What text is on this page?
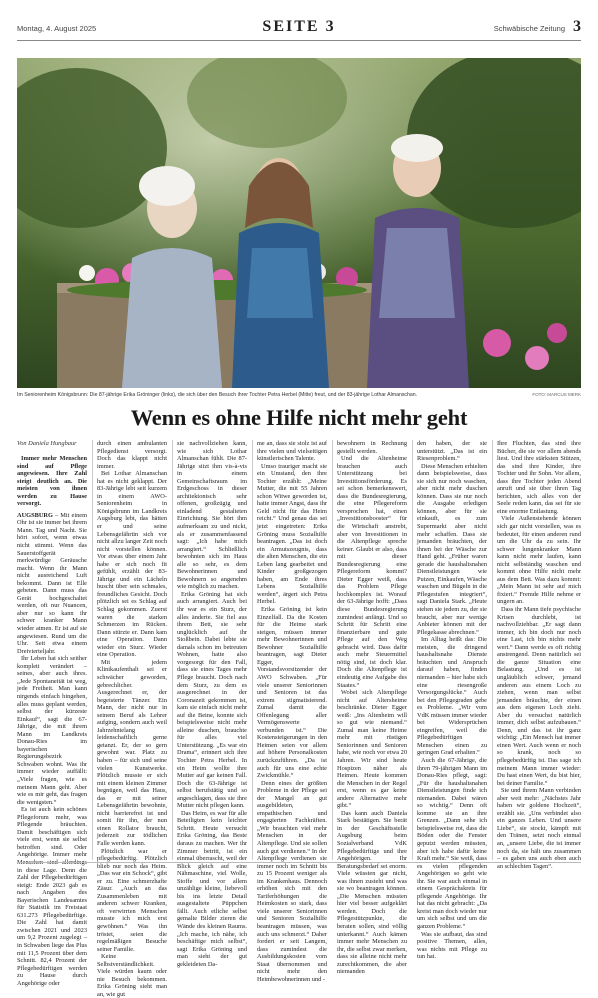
Montag, 4. August 2025	SEITE 3	Schwäbische Zeitung 3
Im Seniorenheim Königsbrunn: Die 87-jährige Erika Gröninger (links), die sich über den Besuch ihrer Tochter Petra Herbel (Mitte) freut, und der 83-jährige Lothar Almanschan.	FOTO: MARCUS MERK
Wenn es ohne Hilfe nicht mehr geht
Von Daniela Hungbaur

Immer mehr Menschen sind auf Pflege angewiesen. Ihre Zahl steigt deutlich an. Die meisten von ihnen werden zu Hause versorgt.

AUGSBURG – Mit einem Ohr ist sie immer bei ihrem Mann. Tag und Nacht. Sie hört sofort, wenn etwas nicht stimmt. Wenn das Sauerstoffgerät merkwürdige Geräusche macht. Wenn ihr Mann nicht ausreichend Luft bekommt. Dann ist Elle gebeten. Dann muss das Gerät hochgeschaltet werden, oft nur Nuancen, aber nur so kann ihr schwer kranker Mann wieder atmen. Er ist auf sie angewiesen. Rund um die Uhr. Seit etwa einem Dreivierteljahr.

Ihr Leben hat sich seither komplett verändert – seines, aber auch ihres. „Jede Spontaneität ist weg, jede Freiheit. Man kann nirgends einfach hingehen, alles muss geplant werden, selbst der kürzeste Einkauf“, sagt die 67-Jährige, die mit ihrem Mann im Landkreis Donau-Ries im bayerischen Regierungsbezirk Schwaben wohnt. Was ihr immer wieder auffällt: „Viele fragen, wie es meinem Mann geht. Aber wie es mir geht, das fragen die wenigsten.“

Es ist auch kein schönes Pflegeforum mehr, was Pflegende bräuchten. Damit beschäftigen sich viele erst, wenn sie selbst betroffen sind. Oder Angehörige. Immer mehr Menschen sind allerdings in diese Lage. Denn die Zahl der Pflegebedürftigen steigt: Ende 2023 gab es nach Angaben des Bayerischen Landesamtes für Statistik im Freistaat 631.273 Pflegebedürftige. Die Zahl hat damit zwischen 2021 und 2023 um 9,2 Prozent zugelegt – in Schwaben liege das Plus mit 11,5 Prozent über dem Schnitt. 82,4 Prozent der Pflegebedürftigen werden zu Hause durch Angehörige oder

durch einen ambulanten Pflegedienst versorgt. Doch das klappt nicht immer.

Bei Lothar Almanschan hat es nicht geklappt. Der 83-Jährige lebt seit kurzem in einem AWO-Seniorenheim in Königsbrunn im Landkreis Augsburg lebt, das hätten er und seine Lebensgefährtin sich vor nicht allzu langer Zeit noch nicht vorstellen können. Vor etwas über einem Jahr habe er sich noch fit gefühlt, erzählt der 83-Jährige und ein Lächeln huscht über sein schmales, freundliches Gesicht. Doch plötzlich sei es Schlag auf Schlag gekommen. Zuerst waren die starken Schmerzen im Rücken. Dann stürzte er. Dann kam eine Operation. Dann wieder ein Sturz. Wieder eine Operation.

Mit jedem Klinikaufenthalt sei er schwächer geworden, gebrechlicher. Ausgerechnet er, der begeisterte Tänzer. Ein Mann, der nicht nur in seinem Beruf als Lehrer aufging, sondern auch weil Jahrzehntelang leidenschaftlich gerne getanzt. Er, der so gern gewohnt war. Platz zu haben – für sich und seine vielen Kunstwerke. Plötzlich musste er sich mit einem kleinen Zimmer begnügen, weil das Haus, das er mit seiner Lebensgefährtin bewohnte, nicht barrierefrei ist und somit für ihn, der nun einen Rollator braucht, jederzeit zur tödlichen Falle werden kann.

Plötzlich war er pflegebedürftig. Plötzlich blieb nur noch das Heim. „Das war ein Schock“, gibt er zu. Eine schmerzhafte Zäsur. „Auch an das Zusammenleben mit anderen schwer Kranken, oft verwirrten Menschen musste ich mich erst gewöhnen.“ Was ihn tröstet, seien die regelmäßigen Besuche seiner Familie.

Keine Selbstverständlichkeit. Viele würden kaum oder nie Besuch bekommen. Erika Gröning sieht man an, wie gut

sie nachvollziehen kann, wie sich Lothar Almanschan fühlt. Die 87-Jährige sitzt ihm vis-à-vis in einem Gemeinschaftsraum im Erdgeschoss in dieser architektonisch sehr offenen, großzügig und einladend gestalteten Einrichtung. Sie hört ihm aufmerksam zu und nickt, als er zusammenfassend sagt: „Ich habe mich arrangiert.“ Schließlich bewohnten sich im Haus alle so sehr, es dem Bewohnerinnen und Bewohnern so angenehm wie möglich zu machen.

Erika Gröning hat sich auch arrangiert. Auch bei ihr war es ein Sturz, der alles änderte. Sie fiel aus ihrem Bett, sie sehr unglücklich auf ihr Stoßbein. Dabei lebte sie damals schon im betreuten Wohnen, hatte also vorgesorgt für den Fall, dass sie eines Tages mehr Pflege braucht. Doch nach dem Sturz, zu dem es ausgerechnet in der Coronazeit gekommen ist, kam sie einfach nicht mehr auf die Beine, konnte sich beispielsweise nicht mehr alleine duschen, brauchte für alles viel Unterstützung. „Es war ein Drama“, erinnert sich ihre Tochter Petra Herbel. In ein Heim wollte ihre Mutter auf gar keinen Fall. Doch die 63-Jährige ist selbst berufstätig und so angeschlagen, dass sie ihre Mutter nicht pflegen kann.

Das Heim, es war für alle Beteiligten kein leichter Schritt. Heute versucht Erika Gröning, das Beste daraus zu machen. Wer ihr Zimmer betritt, ist ein einmal überrascht, weil der Blick gleich auf eine Nähmaschine, viel Wolle, Stoffe und vor allem unzählige kleine, liebevoll bis ins letzte Detail ausgestaltete Püppchen fällt. Auch etliche selbst gemalte Bilder zieren die Wände des kleinen Raums. „Ich mache, ich nähe, ich beschäftige mich selbst“, sagt Erika Gröning und man sieht der gut gekleideten Da-

me an, dass sie stolz ist auf ihre vielen und vielseitigen künstlerischen Talente.

Umso trauriger macht sie ein Umstand, den ihre Tochter erzählt: „Meine Mutter, die mit 55 Jahren schon Witwe geworden ist, hatte immer Angst, dass ihr Geld nicht für das Heim reicht.“ Und genau das sei jetzt eingetreten: Erika Gröning muss Sozialhilfe beantragen. „Das ist doch ein Armutszeugnis, dass die alten Menschen, die ein Leben lang gearbeitet und Kinder großgezogen haben, am Ende ihres Lebens Sozialhilfe werden“, ärgert sich Petra Herbel.

Erika Gröning ist kein Einzelfall. Da die Kosten für die Heime stark steigen, müssen immer mehr Bewohnerinnen und Bewohner Sozialhilfe beantragen, sagt Dieter Egger, Vorstandsvorsitzender der AWO Schwaben. „Für viele unserer Seniorinnen und Senioren ist das extrem stigmatisierend. Zumal damit die Offenlegung aller Vermögenswerte verbunden ist.“ Die Kostensteigerungen in den Heimen seien vor allem auf höhere Personalkosten zurückzuführen. „Da ist auch für uns eine echte Zwickmühle.“

Denn eines der größten Probleme in der Pflege sei der Mangel an gut ausgebildeten, empathischen und engagierten Fachkräften. „Wir brauchten viel mehr Menschen in der Altenpflege. Und sie sollen auch gut verdienen.“ In der Altenpflege verdienen sie immer noch im Schnitt bis zu 15 Prozent weniger als im Krankenhaus. Dennoch erhöhen sich mit den Tariferhöhungen die Heimkosten so stark, dass viele unserer Seniorinnen und Senioren Sozialhilfe beantragen müssen, was auch uns schmerzt.“ Daher fordert er seit Langem, dass zumindest die Ausbildungskosten vom Staat übernommen und nicht mehr den Heimbewohnerinnen und -

bewohnern in Rechnung gestellt werden.

Und die Altenheime brauchen auch Unterstützung bei Investitionsförderung. Es sei schon bemerkenswert, dass die Bundesregierung, die eine Pflegereform versprochen hat, einen „Investitionsbooster“ für die Wirtschaft anstrebt, aber von Investitionen in die Altenpflege spreche keiner. Glaubt er also, dass mit dieser Bundesregierung eine Pflegereform kommt? Dieter Egger weiß, dass das Problem Pflege hochkomplex ist. Worauf der 63-Jährige hofft: „Dass diese Bundesregierung zumindest anfängt. Und so Schritt für Schritt eine finanzierbare und gute Pflege auf den Weg gebracht wird. Dass dafür auch mehr Steuermittel nötig sind, ist doch klar. Doch die Altenpflege ist eindeutig eine Aufgabe des Staates.“

Wobei sich Altenpflege nicht auf Altersheime beschränke. Dieter Egger weiß: „Ins Altenheim will so gut wie niemand.“ Zumal man keine Heime mehr mit rüstigen Seniorinnen und Senioren habe, wie noch vor etwa 20 Jahren. Wir sind heute Hospizen näher als Heimen. Heute kommen die Menschen in der Regel erst, wenn es gar keine andere Alternative mehr gibt.“

Das kann auch Daniela Stark bestätigen. Sie berät in der Geschäftsstelle Augsburg beim Sozialverband VdK Pflegebedürftige und ihre Angehörigen. Ihr Beratungsbedarf sei enorm. Viele wüssten gar nicht, was ihnen zusteht und was sie wo beantragen können. „Die Menschen müssten hier viel besser aufgeklärt werden. Doch die Pflegestützpunkte, die beraten sollen, sind völlig unterkannt.“ Auch kämen immer mehr Menschen zu ihr, die selbst zwar merken, dass sie alleine nicht mehr zurechtkommen, die aber niemanden

den haben, der sie unterstützt. „Das ist ein Riesenproblem.“

Diese Menschen erhielten dann beispielsweise, dass sie sich nur noch waschen, aber nicht mehr duschen können. Dass sie nur noch die Ausgabe erledigen können, aber für sie einkauft, es zum Supermarkt aber nicht mehr schaffen. Dass sie jemanden bräuchten, der ihnen bei der Wäsche zur Hand geht. „Früher waren gerade die haushaltsnahen Dienstleistungen wie Putzen, Einkaufen, Wäsche waschen und Bügeln in die Pflegestufen integriert“, sagt Daniela Stark. „Heute stehen sie jedem zu, der sie braucht, aber nur wenige Anbieter können mit der Pflegekasse abrechnen.“

Im Alltag heißt das: Die meisten, die dringend haushaltsnahe Dienste bräuchten und Anspruch darauf haben, finden niemanden – hier habe sich eine riesengroße Versorgungslücke.“ Auch bei den Pflegegraden gebe es Probleme. „Wir vom VdK müssen immer wieder bei Widersprüchen eingreifen, weil die Pflegebedürftigen Menschen einen zu geringen Grad erhalten.“

Auch die 67-Jährige, die ihren 79-jährigen Mann im Donau-Ries pflegt, sagt: „Für die haushaltsnahen Dienstleistungen finde ich niemanden. Dabei wären so wichtig.“ Denn oft komme sie an ihre Grenzen. „Dann sehe ich beispielsweise rot, dass die Böden oder die Fenster geputzt werden müssten, aber ich habe dafür keine Kraft mehr.“ Sie weiß, dass es vielen pflegenden Angehörigen so geht wie ihr. Sie war auch einmal in einem Gesprächskreis für pflegende Angehörige. Ihr hat das nicht gebracht: „Da kreist man doch wieder nur um sich selbst und um die ganzen Probleme.“

Was sie aufbaut, das sind positive Themen, alles, was nichts mit Pflege zu tun hat.

Ihre Fluchten, das sind ihre Bücher, die sie vor allem abends liest. Und ihre stärksten Stützen, das sind ihre Kinder, ihre Tochter und ihr Sohn. Vor allem, dass ihre Tochter jeden Abend anruft und sie über ihren Tag berichten, sich alles von der Seele reden kann, das sei für sie eine enorme Entlastung.

Viele Außenstehende können sich gar nicht vorstellen, was es bedeutet, für einen anderen rund um die Uhr da zu sein. Ihr schwer lungenkranker Mann kann nicht mehr laufen, kann nicht selbständig waschen und kommt ohne Hilfe nicht mehr aus dem Bett. Was dazu kommt: „Mein Mann ist sehr auf mich fixiert.“ Fremde Hilfe nehme er ungern an.

Dass ihr Mann tiefe psychische Krisen durchlebt, ist nachvollziehbar. „Er sagt dann immer, ich bin doch nur noch eine Last, ich bin nichts mehr wert.“ Dann werde es oft richtig anstrengend. Denn natürlich sei die ganze Situation eine Belastung. „Und es ist ungläublich schwer, jemand anderen aus einem Loch zu ziehen, wenn man selbst jemanden bräuchte, der einen aus dem eigenen Loch zieht. Aber du versuchst natürlich immer, dich selbst aufzubauen.“ Denn, und das ist ihr ganz wichtig: „Ein Mensch hat immer einen Wert. Auch wenn er noch so krank, noch so pflegebedürftig ist. Das sage ich meinem Mann immer wieder: Du hast einen Wert, du bist hier, bei deiner Familie.“

Sie und ihrem Mann verbinden aber weit mehr: „Nächstes Jahr haben wir goldene Hochzeit“, erzählt sie. „Uns verbindet also ein ganzes Leben. Und unsere Liebe“, sie stockt, kämpft mit den Tränen, setzt noch einmal an, „unsere Liebe, die ist immer noch da, sie hält uns zusammen – es gaben uns auch eben auch an schlechten Tagen“.
